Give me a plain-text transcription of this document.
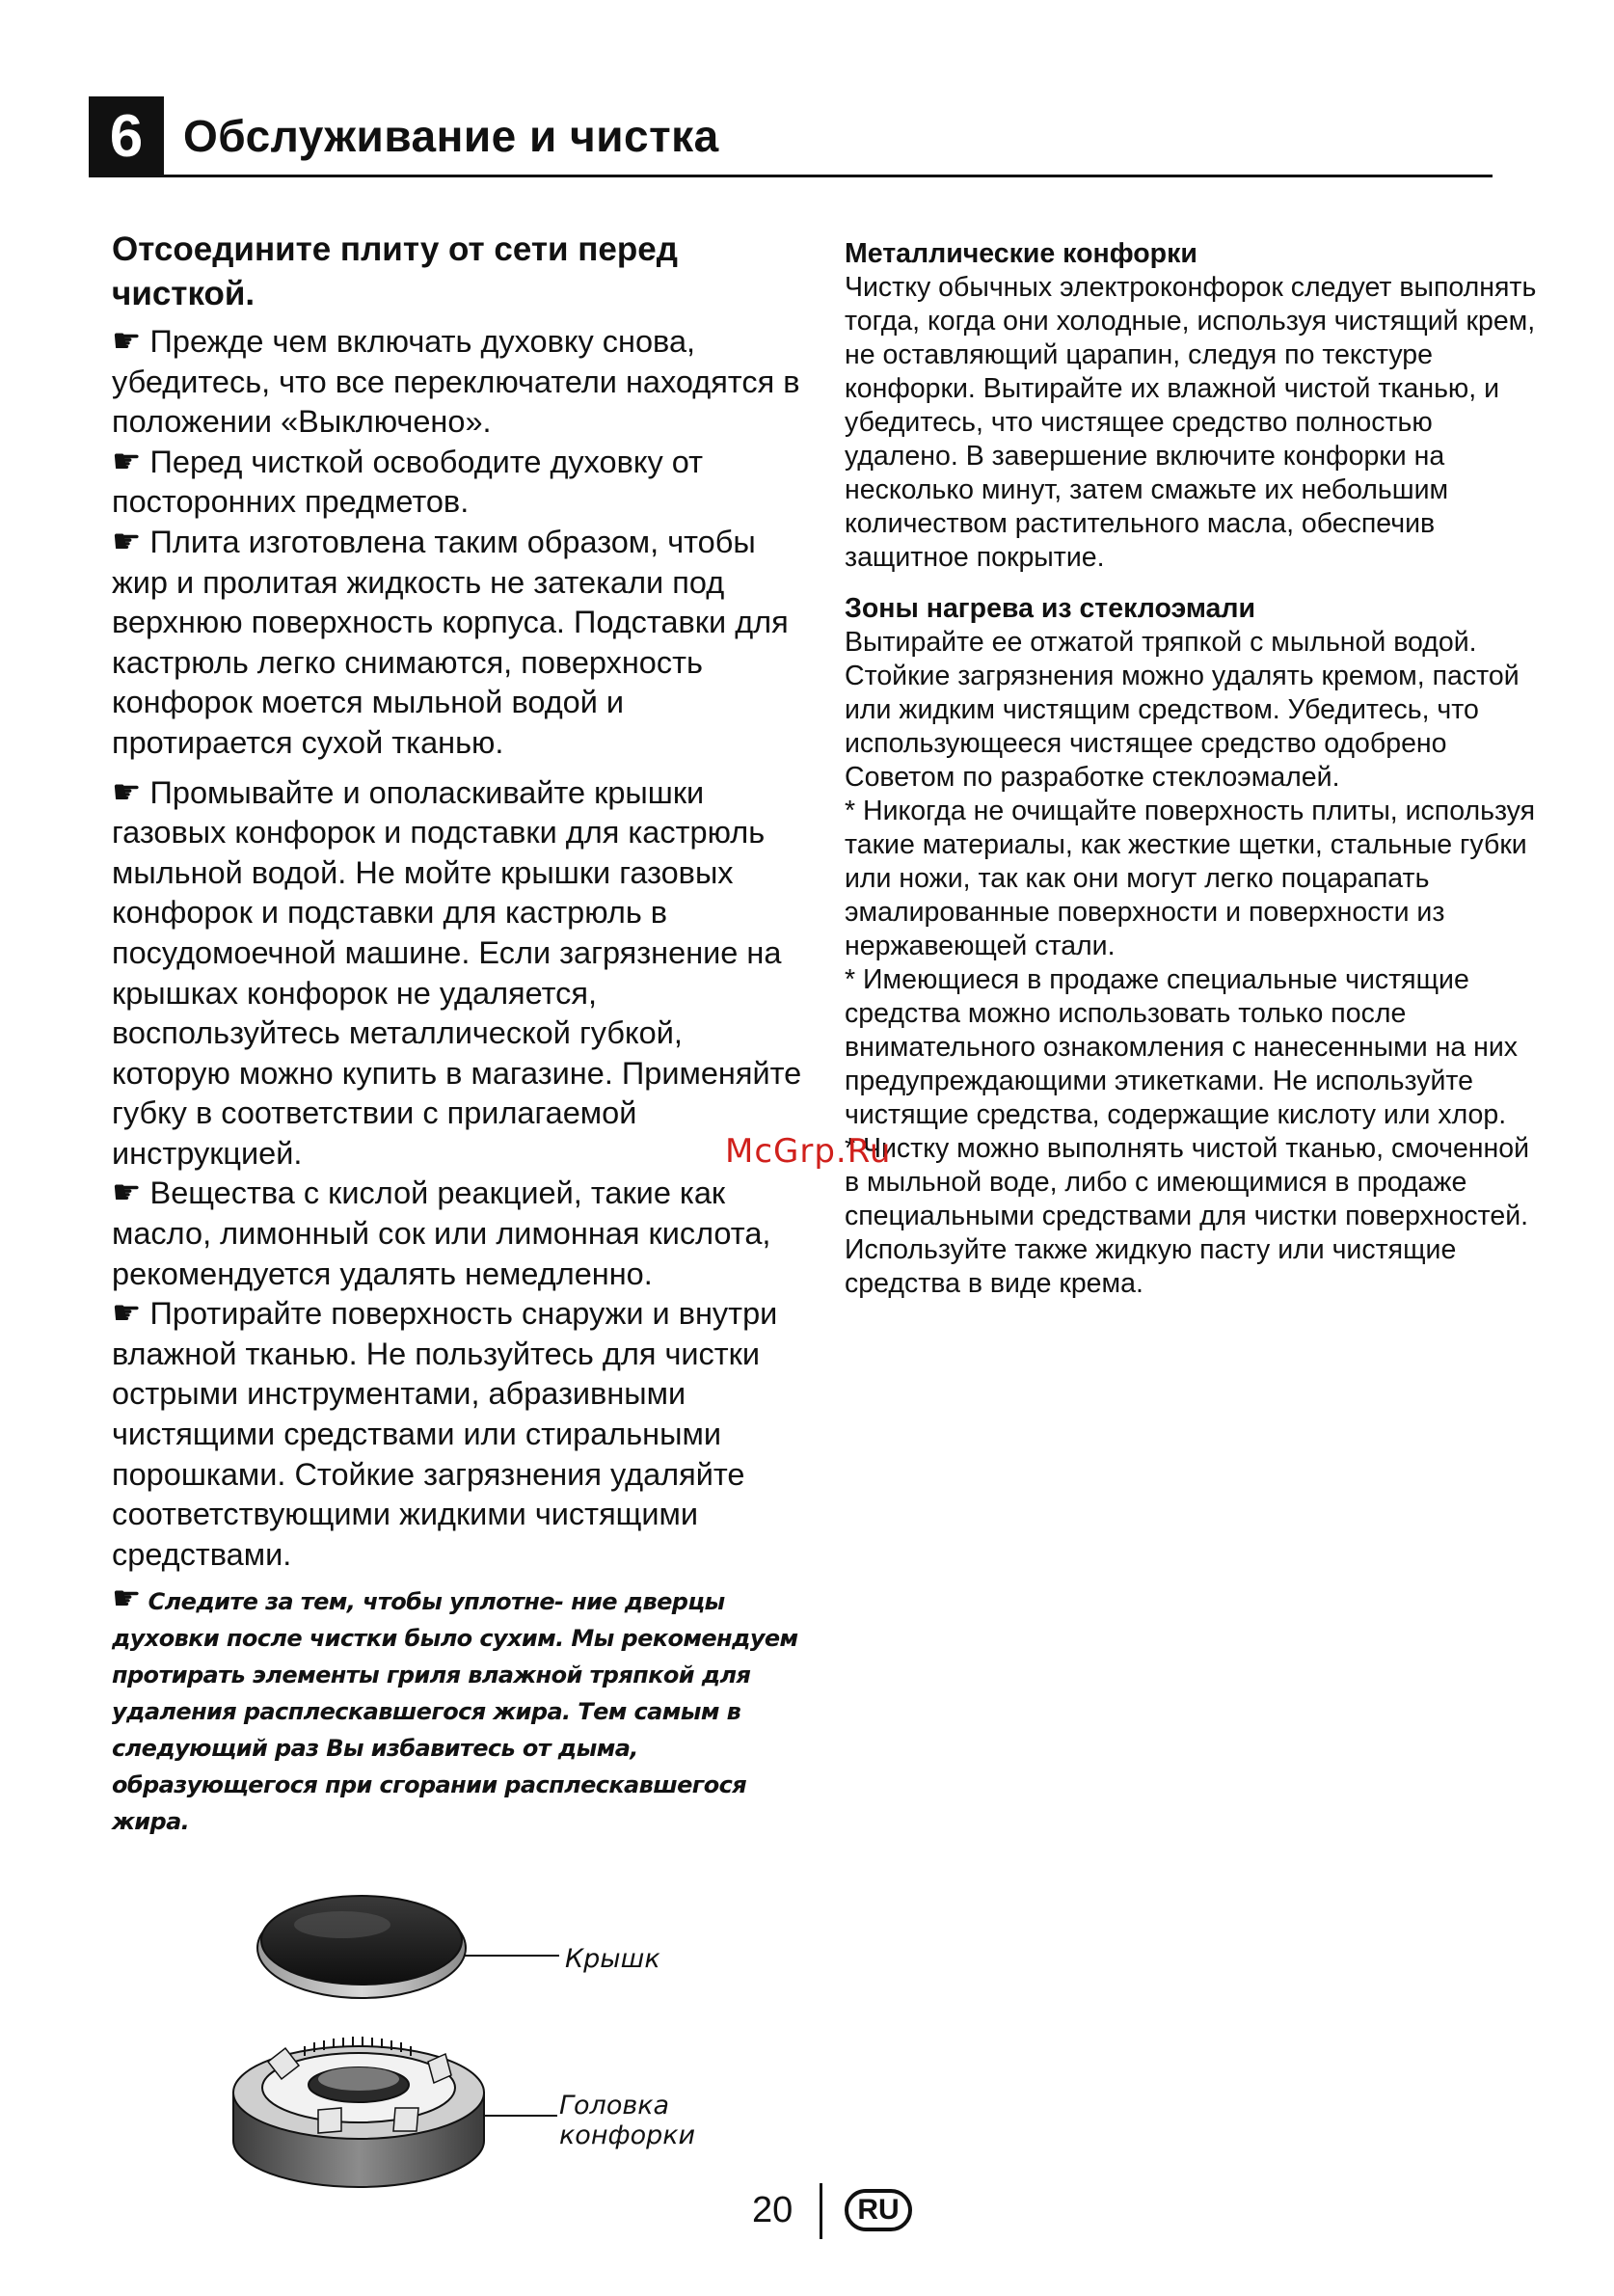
6 Обслуживание и чистка
Отсоедините плиту от сети перед чисткой.

☛ Прежде чем включать духовку снова, убедитесь, что все переключатели находятся в положении «Выключено».

☛ Перед чисткой освободите духовку от посторонних предметов.

☛ Плита изготовлена таким образом, чтобы жир и пролитая жидкость не затекали под верхнюю поверхность корпуса. Подставки для кастрюль легко снимаются, поверхность конфорок моется мыльной водой и протирается сухой тканью.

☛ Промывайте и ополаскивайте крышки газовых конфорок и подставки для кастрюль мыльной водой. Не мойте крышки газовых конфорок и подставки для кастрюль в посудомоечной машине. Если загрязнение на крышках конфорок не удаляется, воспользуйтесь металлической губкой, которую можно купить в магазине. Применяйте губку в соответствии с прилагаемой инструкцией.

☛ Вещества с кислой реакцией, такие как масло, лимонный сок или лимонная кислота, рекомендуется удалять немедленно.

☛ Протирайте поверхность снаружи и внутри влажной тканью. Не пользуйтесь для чистки острыми инструментами, абразивными чистящими средствами или стиральными порошками. Стойкие загрязнения удаляйте соответствующими жидкими чистящими средствами.

☛ Следите за тем, чтобы уплотне- ние дверцы духовки после чистки было сухим. Мы рекомендуем протирать элементы гриля влажной тряпкой для удаления расплескавшегося жира. Тем самым в следующий раз Вы избавитесь от дыма, образующегося при сгорании расплескавшегося жира.

Металлические конфорки

Чистку обычных электроконфорок следует выполнять тогда, когда они холодные, используя чистящий крем, не оставляющий царапин, следуя по текстуре конфорки. Вытирайте их влажной чистой тканью, и убедитесь, что чистящее средство полностью удалено. В завершение включите конфорки на несколько минут, затем смажьте их небольшим количеством растительного масла, обеспечив защитное покрытие.

Зоны нагрева из стеклоэмали

Вытирайте ее отжатой тряпкой с мыльной водой. Стойкие загрязнения можно удалять кремом, пастой или жидким чистящим средством. Убедитесь, что использующееся чистящее средство одобрено Советом по разработке стеклоэмалей.

* Никогда не очищайте поверхность плиты, используя такие материалы, как жесткие щетки, стальные губки или ножи, так как они могут легко поцарапать эмалированные поверхности и поверхности из нержавеющей стали.

* Имеющиеся в продаже специальные чистящие средства можно использовать только после внимательного ознакомления с нанесенными на них предупреждающими этикетками. Не используйте чистящие средства, содержащие кислоту или хлор.

* Чистку можно выполнять чистой тканью, смоченной в мыльной воде, либо с имеющимися в продаже специальными средствами для чистки поверхностей. Используйте также жидкую пасту или чистящие средства в виде крема.

McGrp.Ru
Крышк
Головка
конфорки
20	RU
